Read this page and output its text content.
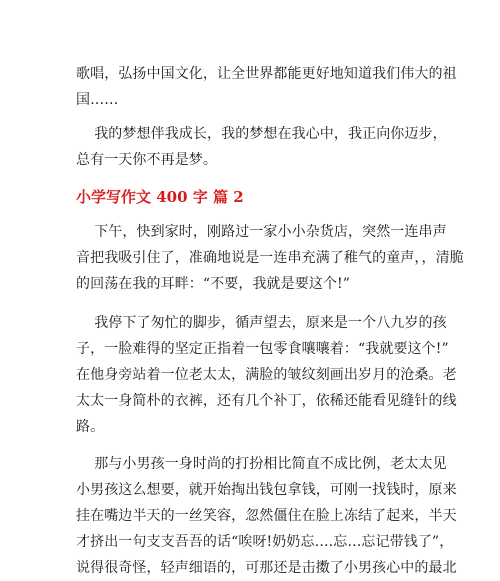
歌唱，弘扬中国文化，让全世界都能更好地知道我们伟大的祖
国……

我的梦想伴我成长，我的梦想在我心中，我正向你迈步，
总有一天你不再是梦。

小学写作文 400 字 篇 2

下午，快到家时，刚路过一家小小杂货店，突然一连串声
音把我吸引住了，准确地说是一连串充满了稚气的童声，，清脆
的回荡在我的耳畔：“不要，我就是要这个!”

我停下了匆忙的脚步，循声望去，原来是一个八九岁的孩
子，一脸难得的坚定正指着一包零食嚷嚷着：“我就要这个!”
在他身旁站着一位老太太，满脸的皱纹刻画出岁月的沧桑。老
太太一身简朴的衣裤，还有几个补丁，依稀还能看见缝针的线
路。

那与小男孩一身时尚的打扮相比简直不成比例，老太太见
小男孩这么想要，就开始掏出钱包拿钱，可刚一找钱时，原来
挂在嘴边半天的一丝笑容，忽然僵住在脸上冻结了起来，半天
才挤出一句支支吾吾的话“唉呀!奶奶忘….忘…忘记带钱了”，
说得很奇怪，轻声细语的，可那还是击擞了小男孩心中的最北
